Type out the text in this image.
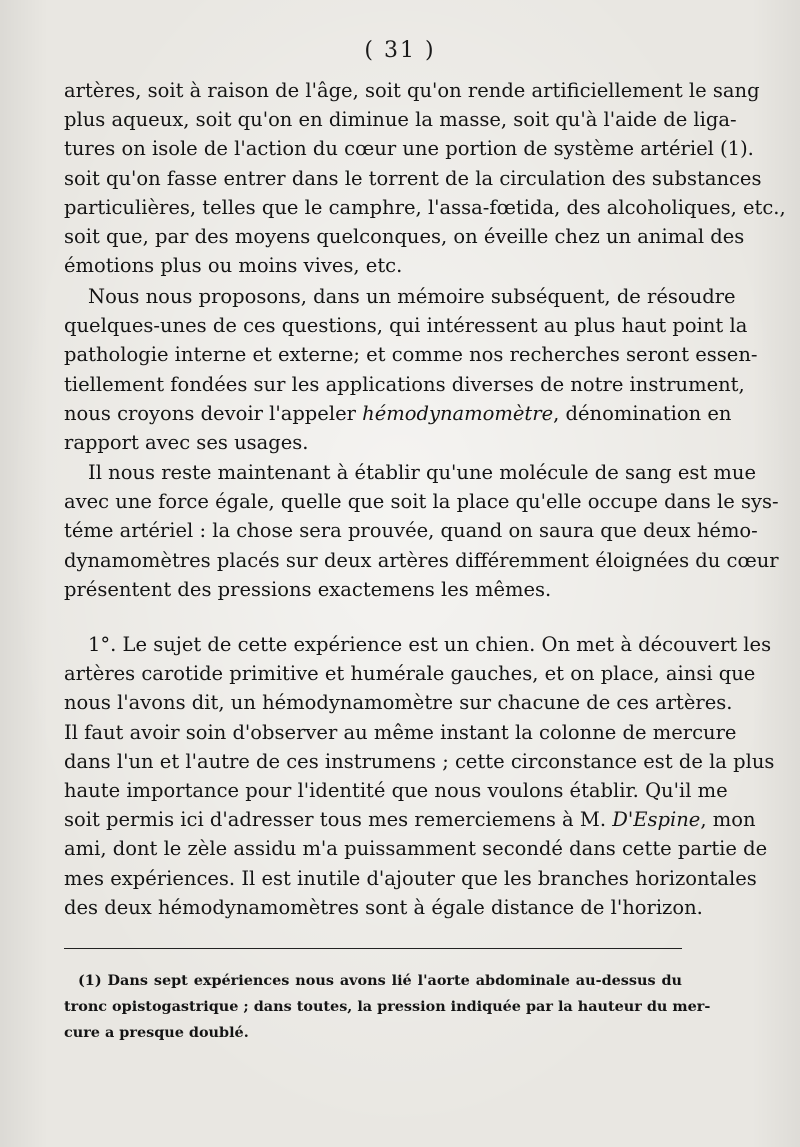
( 31 )
artères, soit à raison de l'âge, soit qu'on rende artificiellement le sang
plus aqueux, soit qu'on en diminue la masse, soit qu'à l'aide de liga-
tures on isole de l'action du cœur une portion de système artériel (1).
soit qu'on fasse entrer dans le torrent de la circulation des substances
particulières, telles que le camphre, l'assa-fœtida, des alcoholiques, etc.,
soit que, par des moyens quelconques, on éveille chez un animal des
émotions plus ou moins vives, etc.
Nous nous proposons, dans un mémoire subséquent, de résoudre
quelques-unes de ces questions, qui intéressent au plus haut point la
pathologie interne et externe; et comme nos recherches seront essen-
tiellement fondées sur les applications diverses de notre instrument,
nous croyons devoir l'appeler hémodynamomètre, dénomination en
rapport avec ses usages.
Il nous reste maintenant à établir qu'une molécule de sang est mue
avec une force égale, quelle que soit la place qu'elle occupe dans le sys-
téme artériel : la chose sera prouvée, quand on saura que deux hémo-
dynamomètres placés sur deux artères différemment éloignées du cœur
présentent des pressions exactemens les mêmes.
1°. Le sujet de cette expérience est un chien. On met à découvert les
artères carotide primitive et humérale gauches, et on place, ainsi que
nous l'avons dit, un hémodynamomètre sur chacune de ces artères.
Il faut avoir soin d'observer au même instant la colonne de mercure
dans l'un et l'autre de ces instrumens ; cette circonstance est de la plus
haute importance pour l'identité que nous voulons établir. Qu'il me
soit permis ici d'adresser tous mes remerciemens à M. D'Espine, mon
ami, dont le zèle assidu m'a puissamment secondé dans cette partie de
mes expériences. Il est inutile d'ajouter que les branches horizontales
des deux hémodynamomètres sont à égale distance de l'horizon.
(1) Dans sept expériences nous avons lié l'aorte abdominale au-dessus du
tronc opistogastrique ; dans toutes, la pression indiquée par la hauteur du mer-
cure a presque doublé.
